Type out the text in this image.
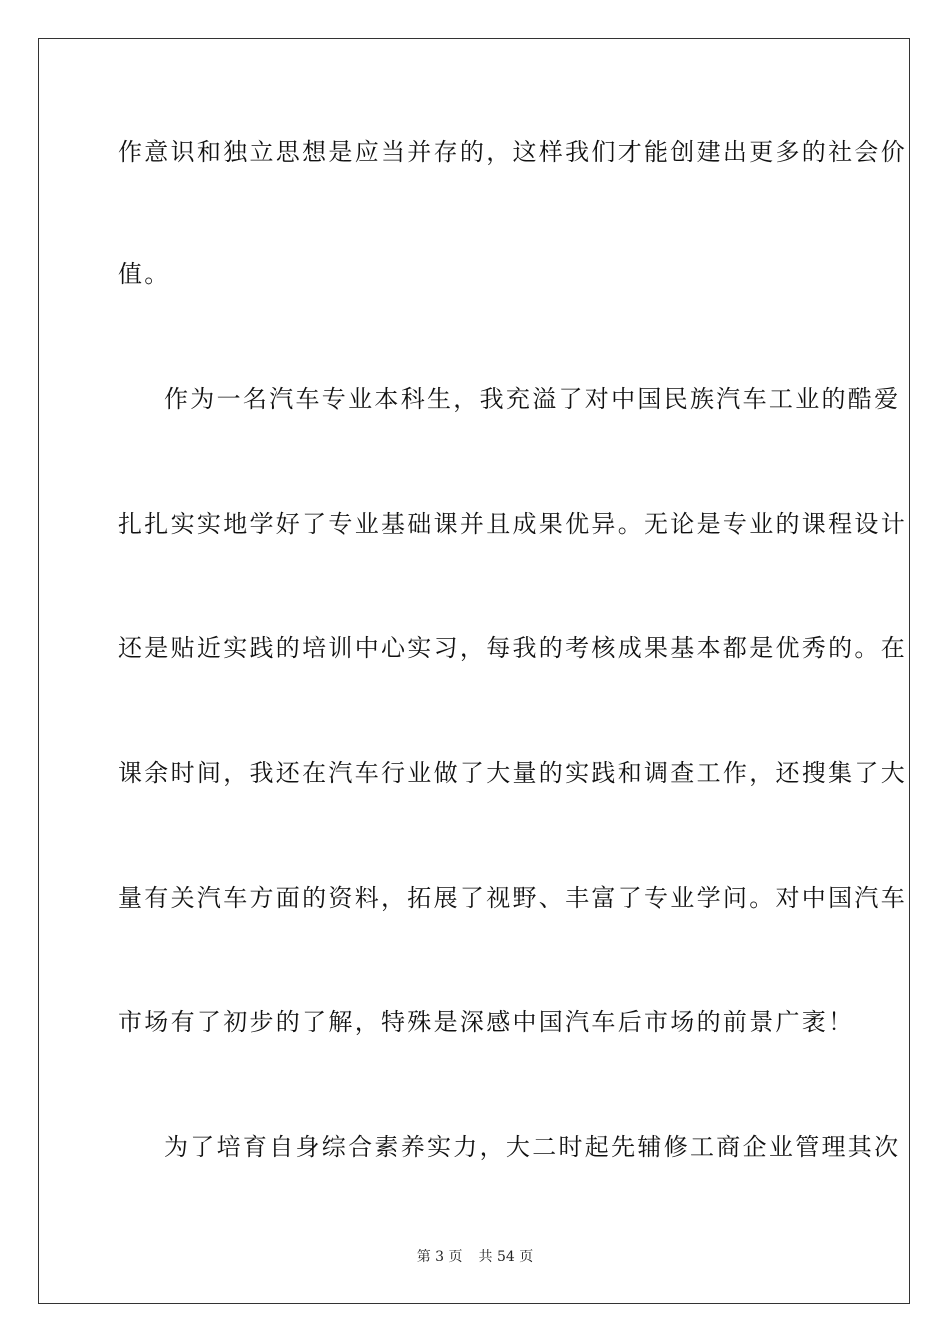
作意识和独立思想是应当并存的，这样我们才能创建出更多的社会价
值。
作为一名汽车专业本科生，我充溢了对中国民族汽车工业的酷爱
扎扎实实地学好了专业基础课并且成果优异。无论是专业的课程设计
还是贴近实践的培训中心实习，每我的考核成果基本都是优秀的。在
课余时间，我还在汽车行业做了大量的实践和调查工作，还搜集了大
量有关汽车方面的资料，拓展了视野、丰富了专业学问。对中国汽车
市场有了初步的了解，特殊是深感中国汽车后市场的前景广袤！
为了培育自身综合素养实力，大二时起先辅修工商企业管理其次
第 3 页 共 54 页
